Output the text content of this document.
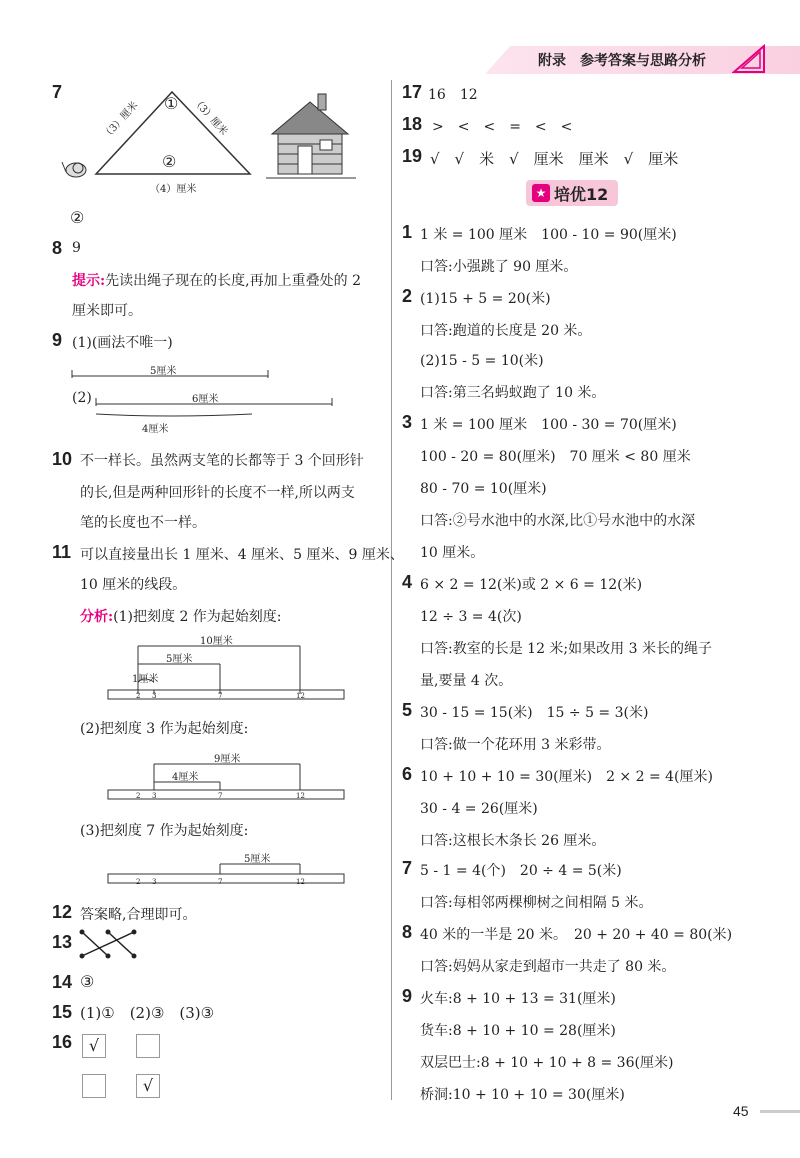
附录　参考答案与思路分析
7
①
②
（3）厘米	（3）厘米
（4）厘米
②
8 9
提示:先读出绳子现在的长度,再加上重叠处的 2
厘米即可。
9 (1)(画法不唯一)
5厘米
(2)	6厘米
4厘米
10 不一样长。虽然两支笔的长都等于 3 个回形针
的长,但是两种回形针的长度不一样,所以两支
笔的长度也不一样。
11 可以直接量出长 1 厘米、4 厘米、5 厘米、9 厘米、
10 厘米的线段。
分析:(1)把刻度 2 作为起始刻度:
10厘米
5厘米
1厘米
2 3	7	12
(2)把刻度 3 作为起始刻度:
9厘米
4厘米
2 3	7	12
(3)把刻度 7 作为起始刻度:
5厘米
2 3	7	12
12 答案略,合理即可。
13
14 ③
15 (1)①　(2)③　(3)③
16	√
√
17 16　12
18 >　<　<　=　<　<
19 √　√　米　√　厘米　厘米　√　厘米
★ 培优12
1 1 米 = 100 厘米　100 - 10 = 90(厘米)
口答:小强跳了 90 厘米。
2 (1)15 + 5 = 20(米)
口答:跑道的长度是 20 米。
(2)15 - 5 = 10(米)
口答:第三名蚂蚁跑了 10 米。
3 1 米 = 100 厘米　100 - 30 = 70(厘米)
100 - 20 = 80(厘米)　70 厘米 < 80 厘米
80 - 70 = 10(厘米)
口答:②号水池中的水深,比①号水池中的水深
10 厘米。
4 6 × 2 = 12(米)或 2 × 6 = 12(米)
12 ÷ 3 = 4(次)
口答:教室的长是 12 米;如果改用 3 米长的绳子
量,要量 4 次。
5 30 - 15 = 15(米)　15 ÷ 5 = 3(米)
口答:做一个花环用 3 米彩带。
6 10 + 10 + 10 = 30(厘米)　2 × 2 = 4(厘米)
30 - 4 = 26(厘米)
口答:这根长木条长 26 厘米。
7 5 - 1 = 4(个)　20 ÷ 4 = 5(米)
口答:每相邻两棵柳树之间相隔 5 米。
8 40 米的一半是 20 米。　20 + 20 + 40 = 80(米)
口答:妈妈从家走到超市一共走了 80 米。
9 火车:8 + 10 + 13 = 31(厘米)
货车:8 + 10 + 10 = 28(厘米)
双层巴士:8 + 10 + 10 + 8 = 36(厘米)
桥洞:10 + 10 + 10 = 30(厘米)
45
